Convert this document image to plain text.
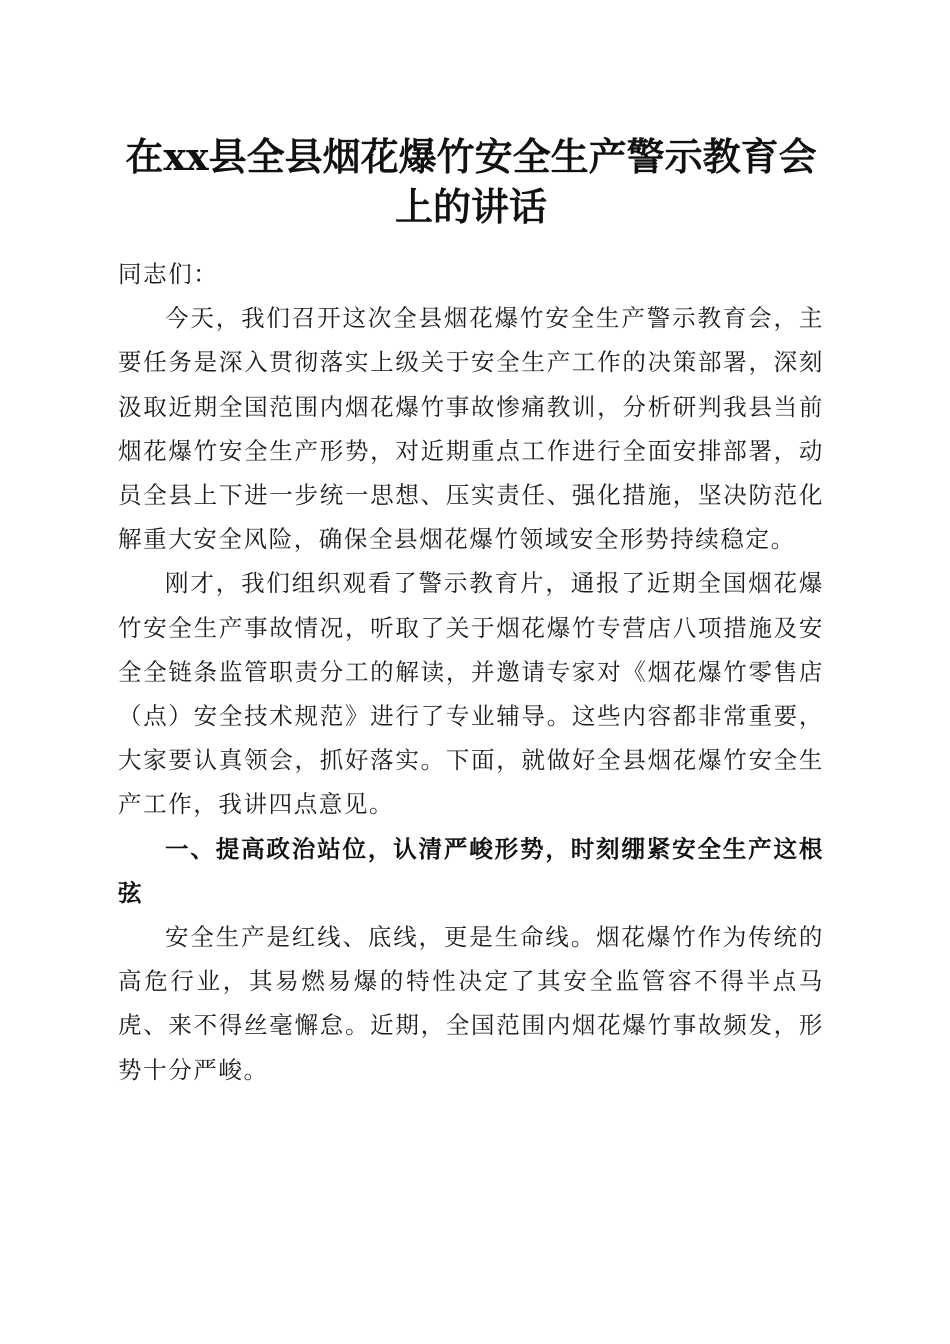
在xx县全县烟花爆竹安全生产警示教育会上的讲话

同志们：

今天，我们召开这次全县烟花爆竹安全生产警示教育会，主要任务是深入贯彻落实上级关于安全生产工作的决策部署，深刻汲取近期全国范围内烟花爆竹事故惨痛教训，分析研判我县当前烟花爆竹安全生产形势，对近期重点工作进行全面安排部署，动员全县上下进一步统一思想、压实责任、强化措施，坚决防范化解重大安全风险，确保全县烟花爆竹领域安全形势持续稳定。

刚才，我们组织观看了警示教育片，通报了近期全国烟花爆竹安全生产事故情况，听取了关于烟花爆竹专营店八项措施及安全全链条监管职责分工的解读，并邀请专家对《烟花爆竹零售店（点）安全技术规范》进行了专业辅导。这些内容都非常重要，大家要认真领会，抓好落实。下面，就做好全县烟花爆竹安全生产工作，我讲四点意见。

一、提高政治站位，认清严峻形势，时刻绷紧安全生产这根弦

安全生产是红线、底线，更是生命线。烟花爆竹作为传统的高危行业，其易燃易爆的特性决定了其安全监管容不得半点马虎、来不得丝毫懈怠。近期，全国范围内烟花爆竹事故频发，形势十分严峻。
